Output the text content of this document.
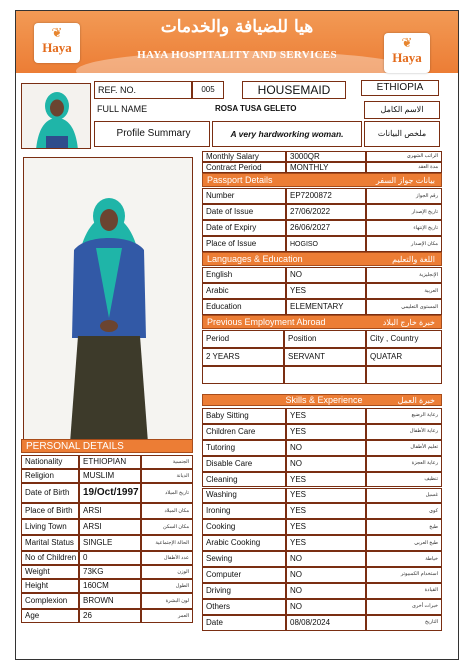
هيا للضيافة والخدمات
HAYA HOSPITALITY AND SERVICES
❦
Haya	❦
Haya
REF. NO.	005	HOUSEMAID	ETHIOPIA
FULL NAME	ROSA TUSA GELETO	الاسم الكامل
Profile Summary	A very hardworking woman.	ملخص البيانات
Monthly Salary	3000QR	الراتب الشهري
Contract Period	MONTHLY	مدة العقد
Passport Details	بيانات جواز السفر
Number	EP7200872	رقم الجواز
Date of Issue	27/06/2022	تاريخ الإصدار
Date of Expiry	26/06/2027	تاريخ الإنتهاء
Place of Issue	HOGISO	مكان الإصدار
Languages & Education	اللغة والتعليم
English	NO	الإنجليزية
Arabic	YES	العربية
Education	ELEMENTARY	المستوى التعليمي
Previous Employment Abroad	خبرة خارج البلاد
Period	Position	City , Country
2 YEARS	SERVANT	QUATAR
Skills & Experience	خبرة العمل
Baby Sitting	YES	رعاية الرضيع
Children Care	YES	رعاية الأطفال
Tutoring	NO	تعليم الأطفال
Disable Care	NO	رعاية العجزة
Cleaning	YES	تنظيف
Washing	YES	غسيل
Ironing	YES	كوي
Cooking	YES	طبخ
Arabic Cooking	YES	طبخ العربي
Sewing	NO	خياطة
Computer	NO	استخدام الكمبيوتر
Driving	NO	القيادة
Others	NO	خبرات أخرى
Date	08/08/2024	التاريخ
PERSONAL DETAILS
Nationality	ETHIOPIAN	الجنسية
Religion	MUSLIM	الديانة
Date of Birth	19/Oct/1997	تاريخ الميلاد
Place of Birth	ARSI	مكان الميلاد
Living Town	ARSI	مكان السكن
Marital Status	SINGLE	الحالة الإجتماعية
No of Children 0	عدد الأطفال
Weight	73KG	الوزن
Height	160CM	الطول
Complexion	BROWN	لون البشرة
Age	26	العمر
